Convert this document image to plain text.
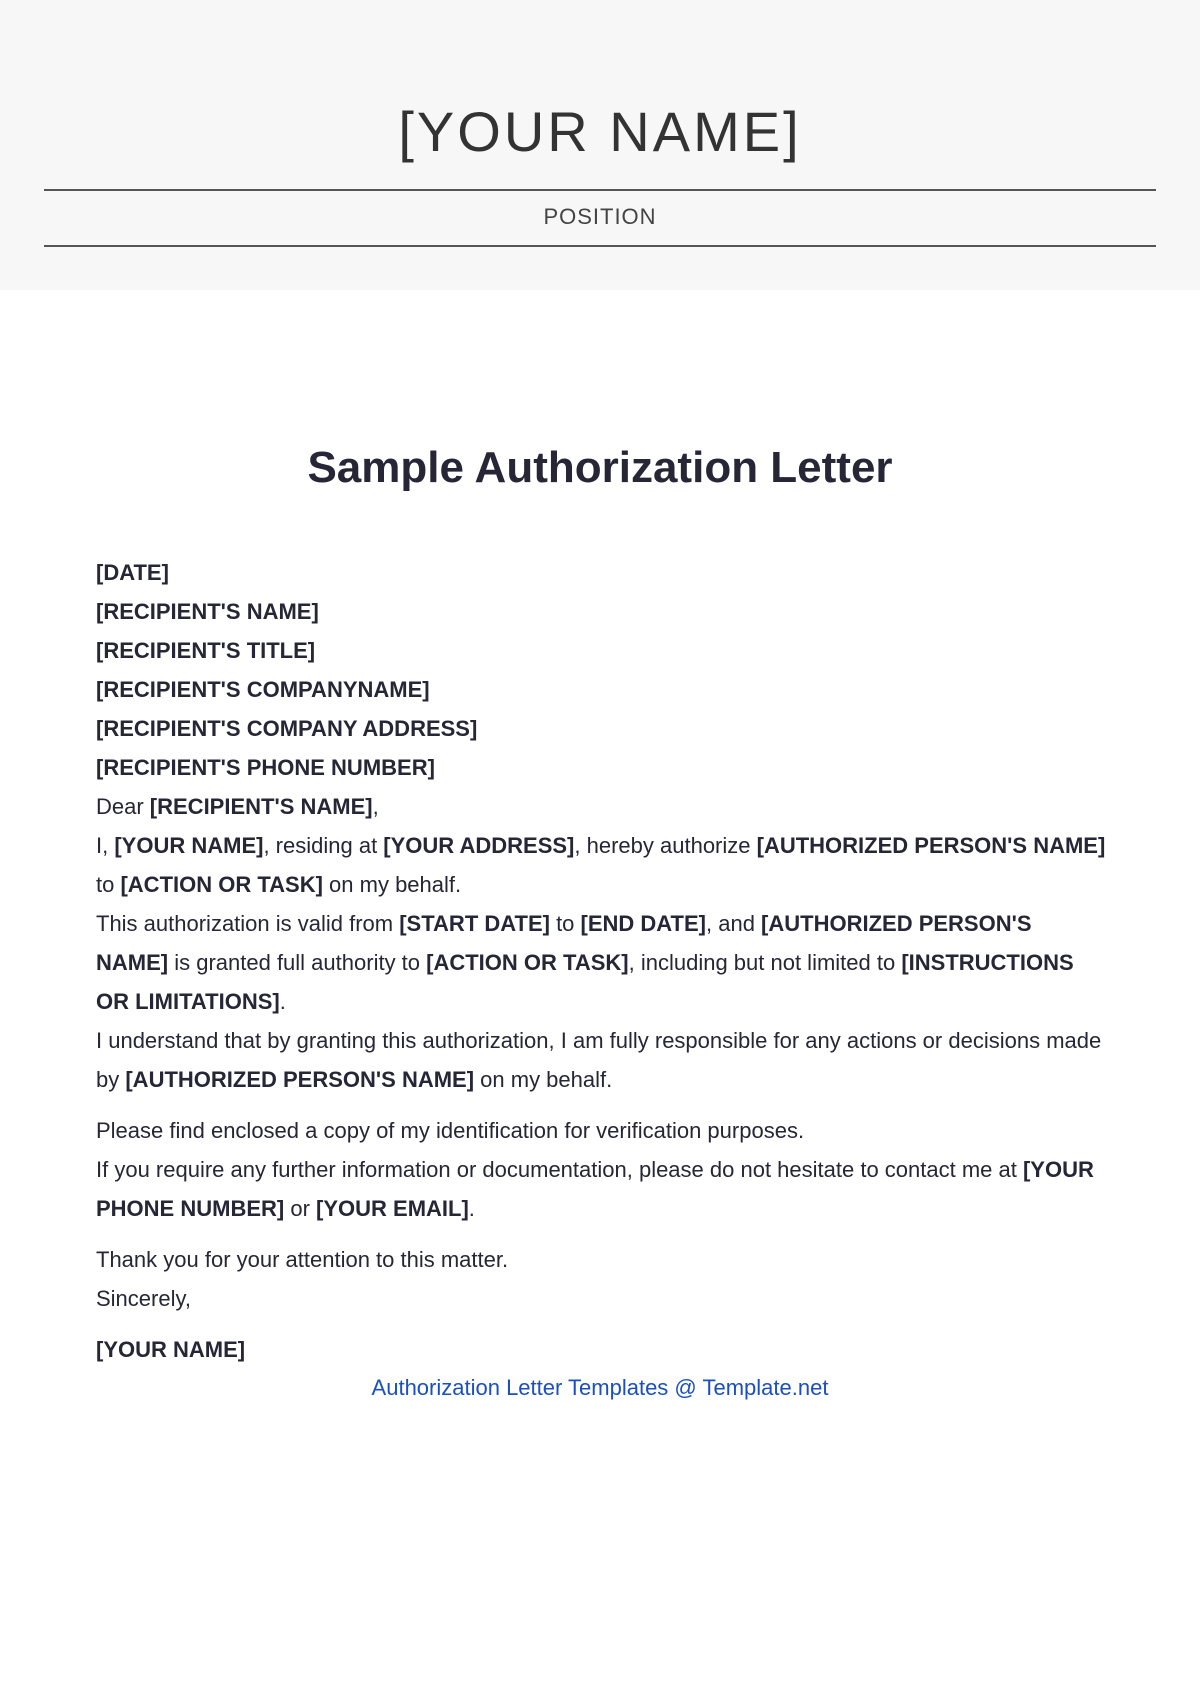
[YOUR NAME]
POSITION
Sample Authorization Letter

[DATE]

[RECIPIENT'S NAME]

[RECIPIENT'S TITLE]

[RECIPIENT'S COMPANYNAME]

[RECIPIENT'S COMPANY ADDRESS]

[RECIPIENT'S PHONE NUMBER]

Dear [RECIPIENT'S NAME],

I, [YOUR NAME], residing at [YOUR ADDRESS], hereby authorize [AUTHORIZED PERSON'S NAME] to [ACTION OR TASK] on my behalf.

This authorization is valid from [START DATE] to [END DATE], and [AUTHORIZED PERSON'S NAME] is granted full authority to [ACTION OR TASK], including but not limited to [INSTRUCTIONS OR LIMITATIONS].

I understand that by granting this authorization, I am fully responsible for any actions or decisions made by [AUTHORIZED PERSON'S NAME] on my behalf.

Please find enclosed a copy of my identification for verification purposes.

If you require any further information or documentation, please do not hesitate to contact me at [YOUR PHONE NUMBER] or [YOUR EMAIL].

Thank you for your attention to this matter.

Sincerely,

[YOUR NAME]

Authorization Letter Templates @ Template.net
